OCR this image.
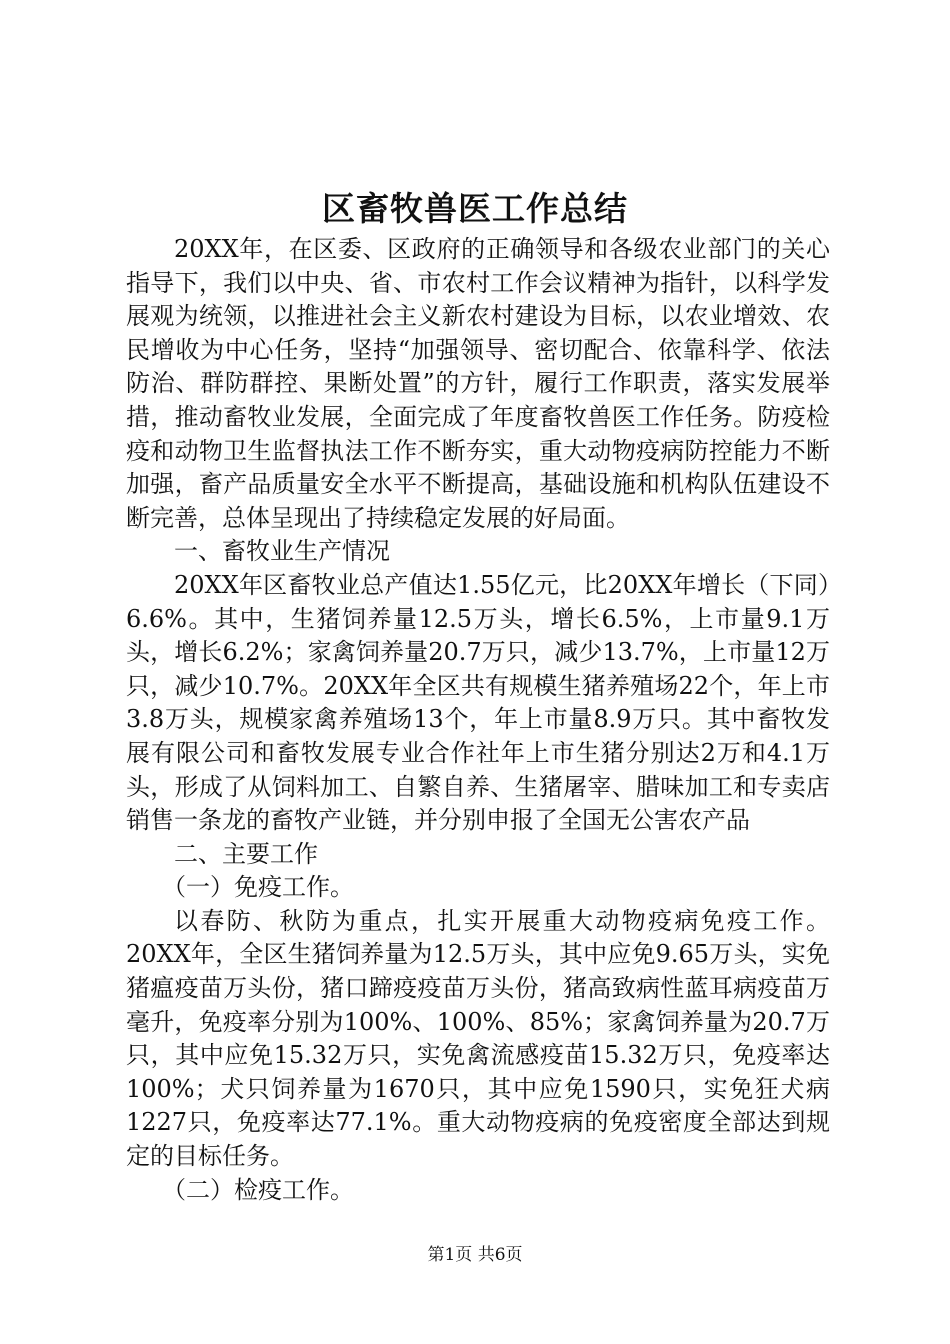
区畜牧兽医工作总结

20XX年，在区委、区政府的正确领导和各级农业部门的关心指导下，我们以中央、省、市农村工作会议精神为指针，以科学发展观为统领，以推进社会主义新农村建设为目标，以农业增效、农民增收为中心任务，坚持“加强领导、密切配合、依靠科学、依法防治、群防群控、果断处置”的方针，履行工作职责，落实发展举措，推动畜牧业发展，全面完成了年度畜牧兽医工作任务。防疫检疫和动物卫生监督执法工作不断夯实，重大动物疫病防控能力不断加强，畜产品质量安全水平不断提高，基础设施和机构队伍建设不断完善，总体呈现出了持续稳定发展的好局面。

一、畜牧业生产情况

20XX年区畜牧业总产值达1.55亿元，比20XX年增长（下同）6.6%。其中，生猪饲养量12.5万头，增长6.5%，上市量9.1万头，增长6.2%；家禽饲养量20.7万只，减少13.7%，上市量12万只，减少10.7%。20XX年全区共有规模生猪养殖场22个，年上市3.8万头，规模家禽养殖场13个，年上市量8.9万只。其中畜牧发展有限公司和畜牧发展专业合作社年上市生猪分别达2万和4.1万头，形成了从饲料加工、自繁自养、生猪屠宰、腊味加工和专卖店销售一条龙的畜牧产业链，并分别申报了全国无公害农产品

二、主要工作

（一）免疫工作。

以春防、秋防为重点，扎实开展重大动物疫病免疫工作。20XX年，全区生猪饲养量为12.5万头，其中应免9.65万头，实免猪瘟疫苗万头份，猪口蹄疫疫苗万头份，猪高致病性蓝耳病疫苗万毫升，免疫率分别为100%、100%、85%；家禽饲养量为20.7万只，其中应免15.32万只，实免禽流感疫苗15.32万只，免疫率达100%；犬只饲养量为1670只，其中应免1590只，实免狂犬病1227只，免疫率达77.1%。重大动物疫病的免疫密度全部达到规定的目标任务。

（二）检疫工作。

第1页 共6页
